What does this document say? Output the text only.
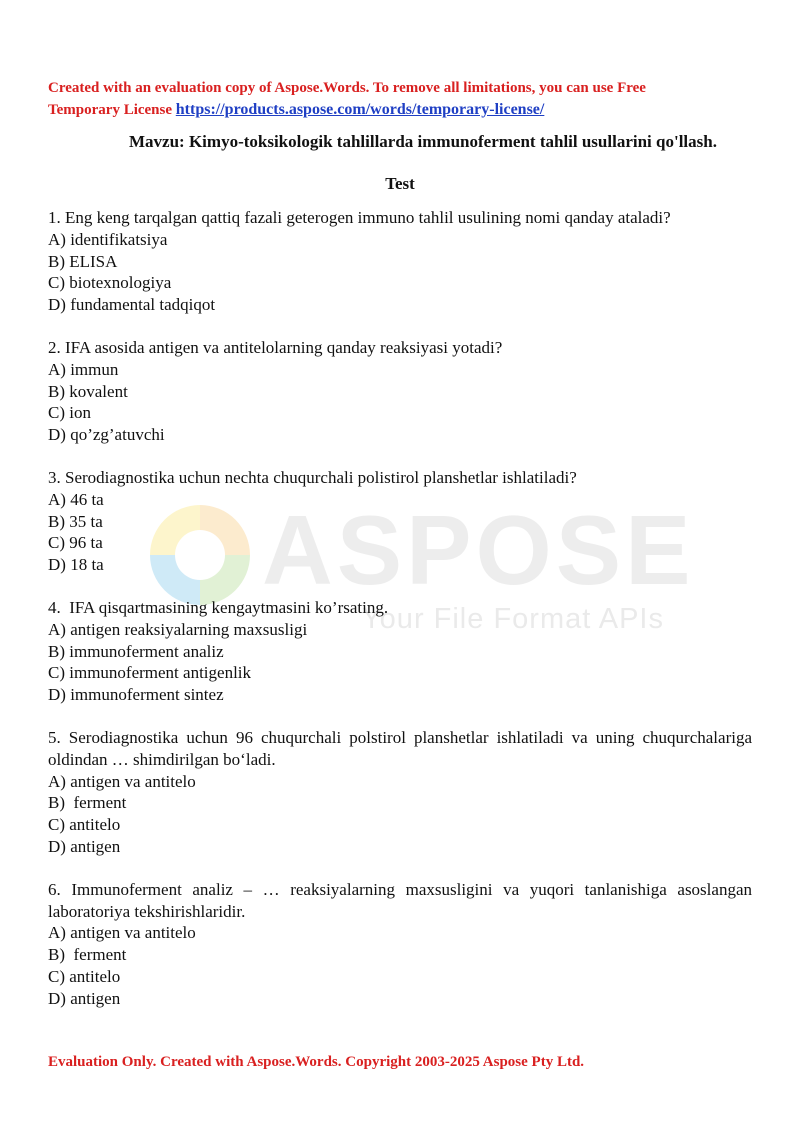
ASPOSE
Your File Format APIs
Created with an evaluation copy of Aspose.Words. To remove all limitations, you can use Free
Temporary License https://products.aspose.com/words/temporary-license/
Mavzu: Kimyo-toksikologik tahlillarda immunoferment tahlil usullarini qo'llash.
Test
1. Eng keng tarqalgan qattiq fazali geterogen immuno tahlil usulining nomi qanday ataladi?
A) identifikatsiya
B) ELISA
C) biotexnologiya
D) fundamental tadqiqot
2. IFA asosida antigen va antitelolarning qanday reaksiyasi yotadi?
A) immun
B) kovalent
C) ion
D) qo’zg’atuvchi
3. Serodiagnostika uchun nechta chuqurchali polistirol planshetlar ishlatiladi?
A) 46 ta
B) 35 ta
C) 96 ta
D) 18 ta
4.  IFA qisqartmasining kengaytmasini ko’rsating.
A) antigen reaksiyalarning maxsusligi
B) immunoferment analiz
C) immunoferment antigenlik
D) immunoferment sintez
5. Serodiagnostika uchun 96 chuqurchali polstirol planshetlar ishlatiladi va uning chuqurchalariga oldindan … shimdirilgan bo‘ladi.
A) antigen va antitelo
B)  ferment
C) antitelo
D) antigen
6. Immunoferment analiz – … reaksiyalarning maxsusligini va yuqori tanlanishiga asoslangan laboratoriya tekshirishlaridir.
A) antigen va antitelo
B)  ferment
C) antitelo
D) antigen
Evaluation Only. Created with Aspose.Words. Copyright 2003-2025 Aspose Pty Ltd.
